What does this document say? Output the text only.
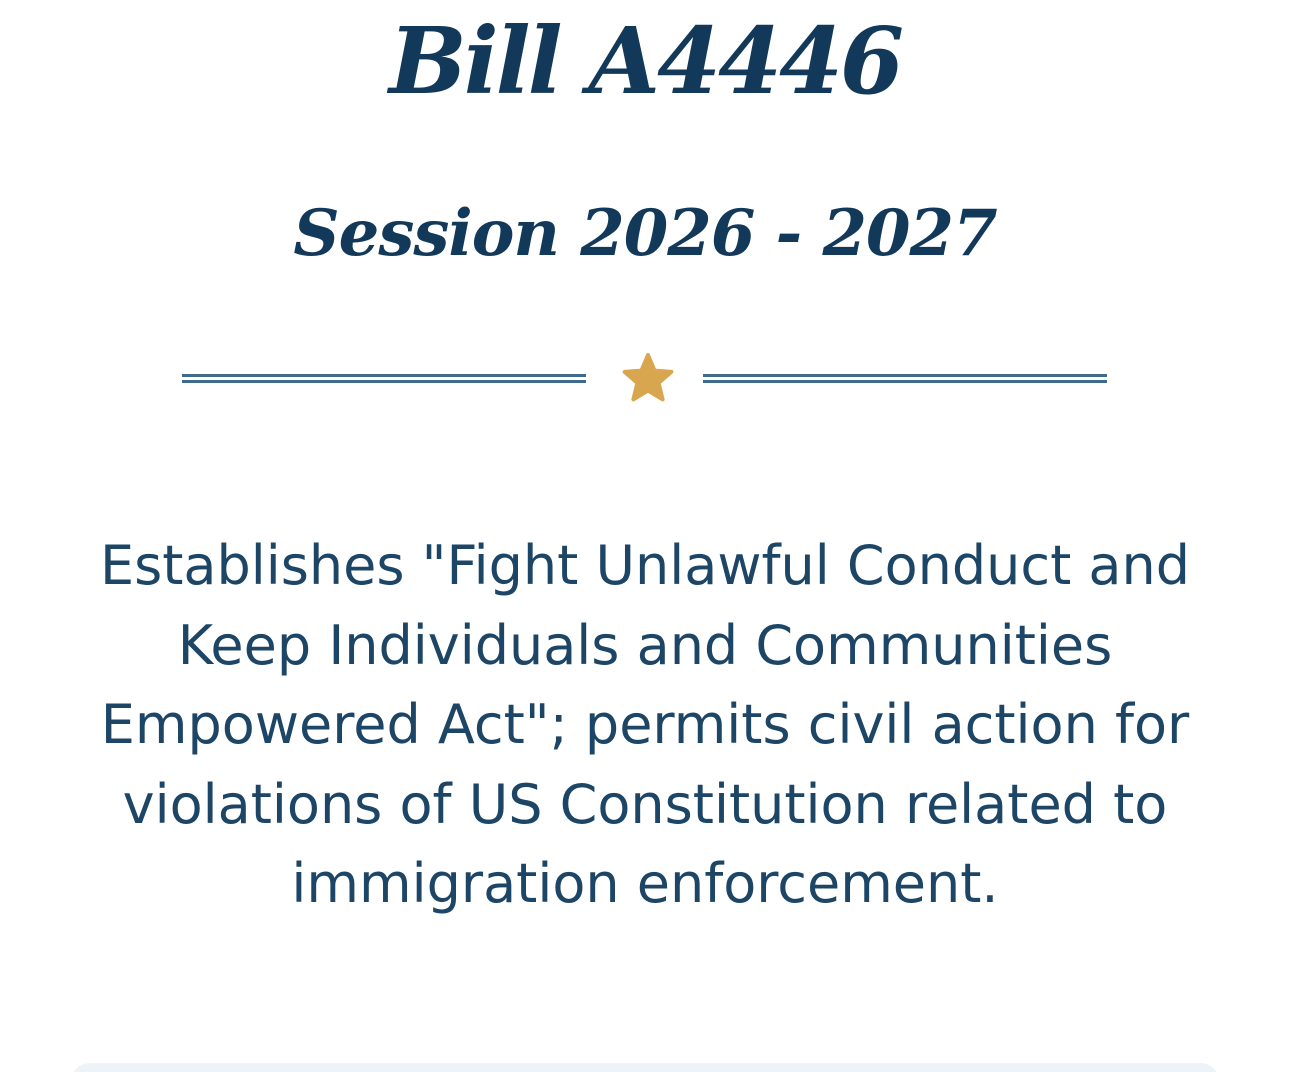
Bill A4446
Session 2026 - 2027

Establishes "Fight Unlawful Conduct and Keep Individuals and Communities Empowered Act"; permits civil action for violations of US Constitution related to immigration enforcement.
